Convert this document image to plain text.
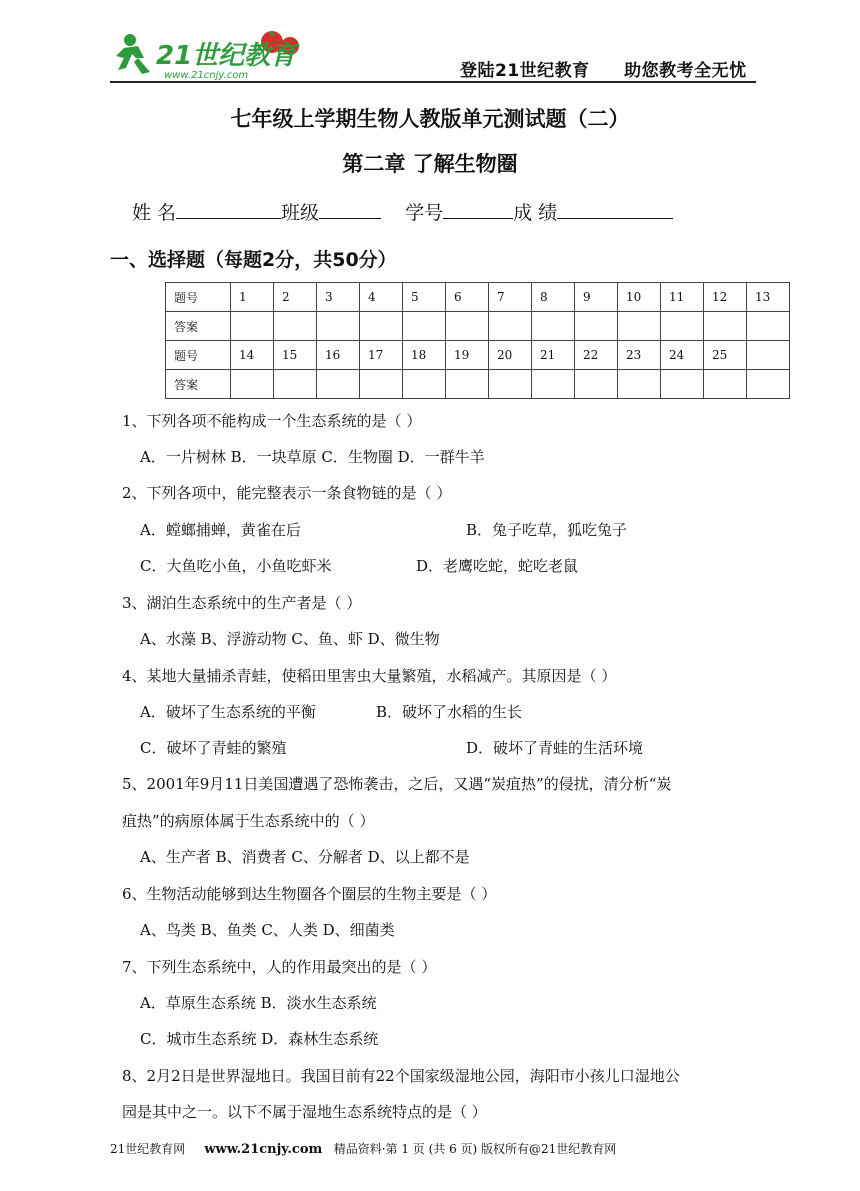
21世纪教育
www.21cnjy.com	登陆21世纪教育 助您教考全无忧
七年级上学期生物人教版单元测试题（二）
第二章 了解生物圈
姓 名	班级	学号	成 绩
一、选择题（每题2分，共50分）
题号	1	2	3	4	5	6	7	8	9	10	11	12	13
答案													
题号	14	15	16	17	18	19	20	21	22	23	24	25	
答案													
1、下列各项不能构成一个生态系统的是（ ）
A．一片树林 B．一块草原 C．生物圈 D．一群牛羊
2、下列各项中，能完整表示一条食物链的是（ ）
A．螳螂捕蝉，黄雀在后	B．兔子吃草，狐吃兔子
C．大鱼吃小鱼，小鱼吃虾米	D．老鹰吃蛇，蛇吃老鼠
3、湖泊生态系统中的生产者是（ ）
A、水藻 B、浮游动物 C、鱼、虾 D、微生物
4、某地大量捕杀青蛙，使稻田里害虫大量繁殖，水稻减产。其原因是（ ）
A．破坏了生态系统的平衡	B．破坏了水稻的生长
C．破坏了青蛙的繁殖	D．破坏了青蛙的生活环境
5、2001年9月11日美国遭遇了恐怖袭击，之后，又遇“炭疽热”的侵扰，清分析“炭
疽热”的病原体属于生态系统中的（ ）
A、生产者 B、消费者 C、分解者 D、以上都不是
6、生物活动能够到达生物圈各个圈层的生物主要是（ ）
A、鸟类 B、鱼类 C、人类 D、细菌类
7、下列生态系统中，人的作用最突出的是（ ）
A．草原生态系统 B．淡水生态系统
C．城市生态系统 D．森林生态系统
8、2月2日是世界湿地日。我国目前有22个国家级湿地公园，海阳市小孩儿口湿地公
园是其中之一。以下不属于湿地生态系统特点的是（ ）
21世纪教育网 www.21cnjy.com 精品资料·第 1 页 (共 6 页) 版权所有@21世纪教育网
